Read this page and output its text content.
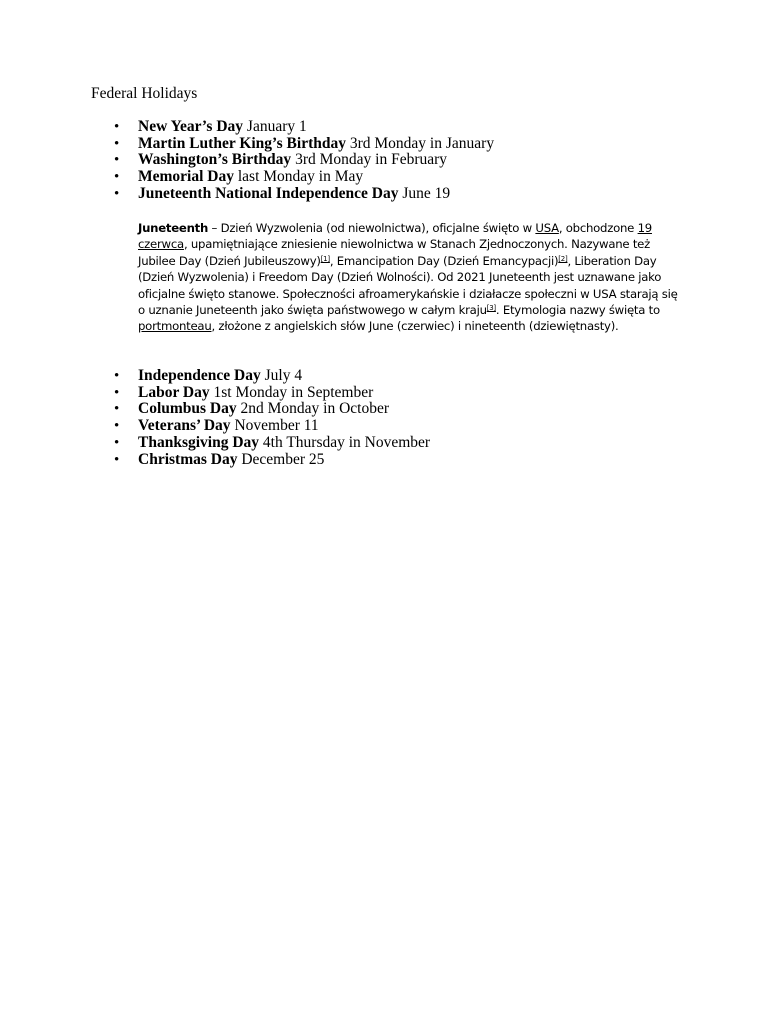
Federal Holidays
• New Year’s Day January 1
• Martin Luther King’s Birthday 3rd Monday in January
• Washington’s Birthday 3rd Monday in February
• Memorial Day last Monday in May
• Juneteenth National Independence Day June 19
Juneteenth – Dzień Wyzwolenia (od niewolnictwa), oficjalne święto w USA, obchodzone 19 czerwca, upamiętniające zniesienie niewolnictwa w Stanach Zjednoczonych. Nazywane też Jubilee Day (Dzień Jubileuszowy)[1], Emancipation Day (Dzień Emancypacji)[2], Liberation Day (Dzień Wyzwolenia) i Freedom Day (Dzień Wolności). Od 2021 Juneteenth jest uznawane jako oficjalne święto stanowe. Społeczności afroamerykańskie i działacze społeczni w USA starają się o uznanie Juneteenth jako święta państwowego w całym kraju[3]. Etymologia nazwy święta to portmonteau, złożone z angielskich słów June (czerwiec) i nineteenth (dziewiętnasty).
• Independence Day July 4
• Labor Day 1st Monday in September
• Columbus Day 2nd Monday in October
• Veterans’ Day November 11
• Thanksgiving Day 4th Thursday in November
• Christmas Day December 25
